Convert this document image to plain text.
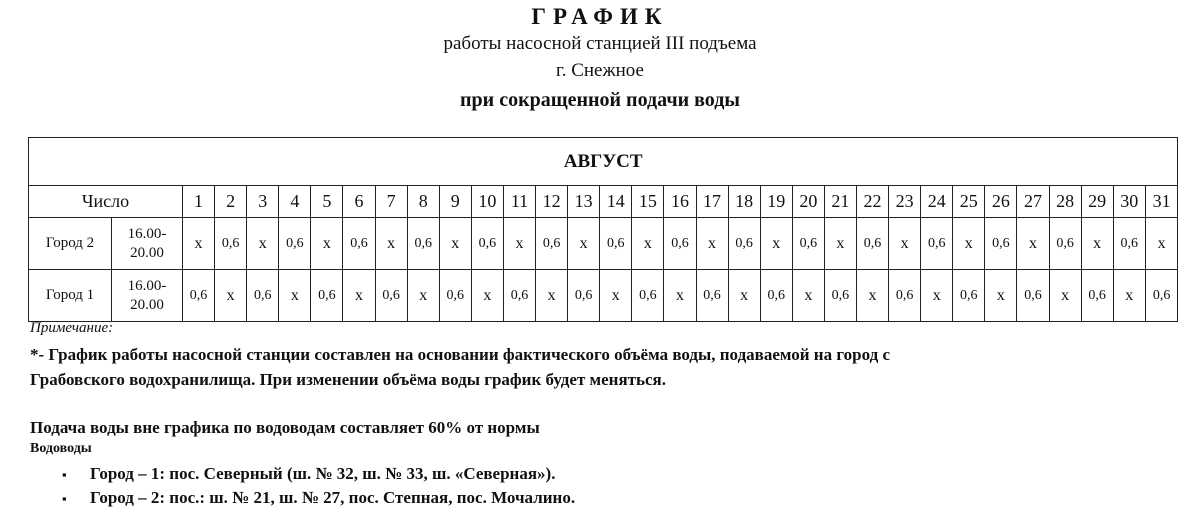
ГРАФИК
работы насосной станцией III подъема
г. Снежное
при сокращенной подачи воды
АВГУСТ																																
Число		1	2	3	4	5	6	7	8	9	10	11	12	13	14	15	16	17	18	19	20	21	22	23	24	25	26	27	28	29	30	31
Город 2	16.00-
20.00	х	0,6	х	0,6	х	0,6	х	0,6	х	0,6	х	0,6	х	0,6	х	0,6	х	0,6	х	0,6	х	0,6	х	0,6	х	0,6	х	0,6	х	0,6	х
Город 1	16.00-
20.00	0,6	х	0,6	х	0,6	х	0,6	х	0,6	х	0,6	х	0,6	х	0,6	х	0,6	х	0,6	х	0,6	х	0,6	х	0,6	х	0,6	х	0,6	х	0,6
Примечание:
*- График работы насосной станции составлен на основании фактического объёма воды, подаваемой на город с
Грабовского водохранилища. При изменении объёма воды график будет меняться.
Подача воды вне графика по водоводам составляет 60% от нормы
Водоводы
▪ Город – 1: пос. Северный (ш. № 32, ш. № 33, ш. «Северная»).
▪ Город – 2: пос.: ш. № 21, ш. № 27, пос. Степная, пос. Мочалино.
